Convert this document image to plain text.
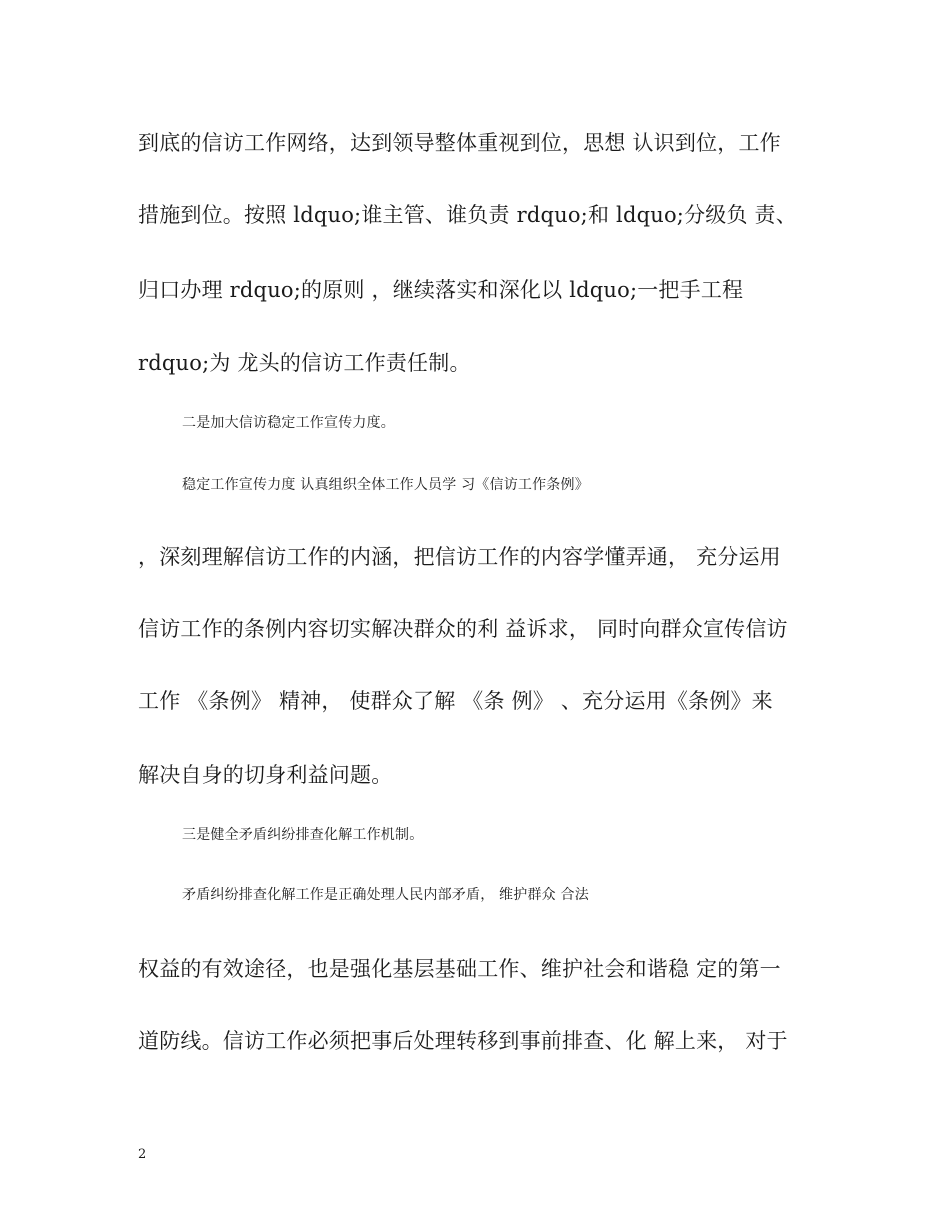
到底的信访工作网络，达到领导整体重视到位，思想 认识到位，工作
措施到位。按照 ldquo;谁主管、谁负责 rdquo;和 ldquo;分级负 责、
归口办理 rdquo;的原则 ，继续落实和深化以 ldquo;一把手工程
rdquo;为 龙头的信访工作责任制。
二是加大信访稳定工作宣传力度。
稳定工作宣传力度 认真组织全体工作人员学 习《信访工作条例》
，深刻理解信访工作的内涵，把信访工作的内容学懂弄通， 充分运用
信访工作的条例内容切实解决群众的利 益诉求， 同时向群众宣传信访
工作 《条例》 精神， 使群众了解 《条 例》 、充分运用《条例》来
解决自身的切身利益问题。
三是健全矛盾纠纷排查化解工作机制。
矛盾纠纷排查化解工作是正确处理人民内部矛盾， 维护群众 合法
权益的有效途径，也是强化基层基础工作、维护社会和谐稳 定的第一
道防线。信访工作必须把事后处理转移到事前排查、化 解上来， 对于
2
